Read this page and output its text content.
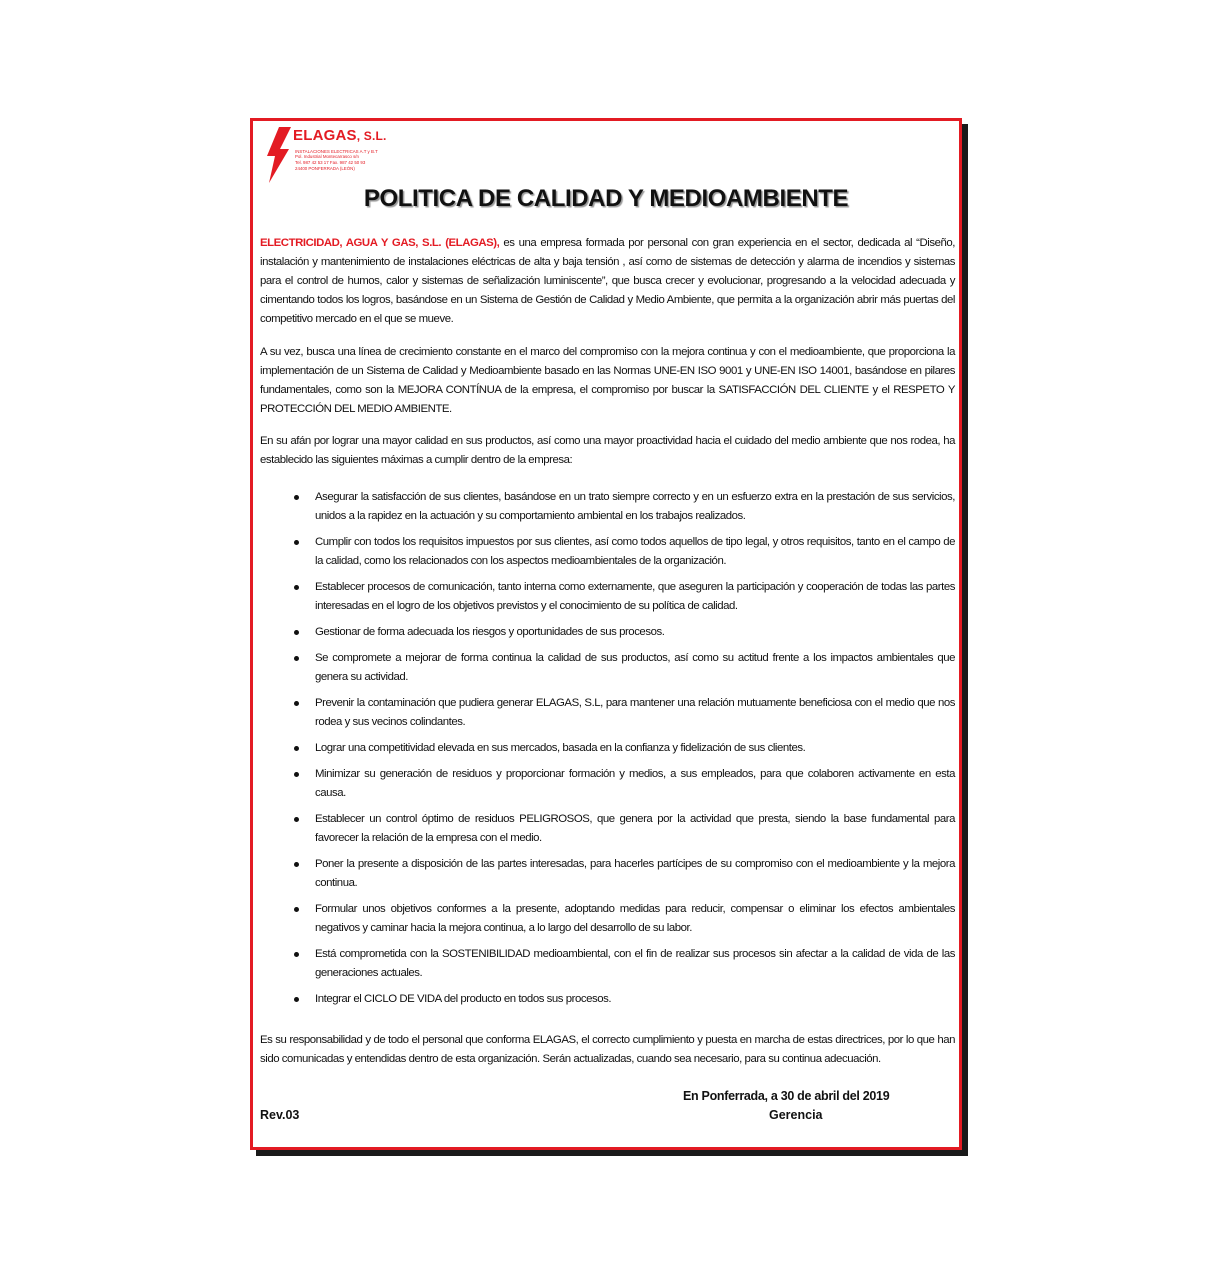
ELAGAS, S.L.
INSTALACIONES ELECTRICAS A.T y B.T
Pol. Industrial Montecarrasco s/n
Tel. 987 42 53 17 Fax. 987 42 50 93
24400 PONFERRADA (LEÓN)
POLITICA DE CALIDAD Y MEDIOAMBIENTE
ELECTRICIDAD, AGUA Y GAS, S.L. (ELAGAS), es una empresa formada por personal con gran experiencia en el sector, dedicada al “Diseño, instalación y mantenimiento de instalaciones eléctricas de alta y baja tensión , así como de sistemas de detección y alarma de incendios y sistemas para el control de humos, calor y sistemas de señalización luminiscente”, que busca crecer y evolucionar, progresando a la velocidad adecuada y cimentando todos los logros, basándose en un Sistema de Gestión de Calidad y Medio Ambiente, que permita a la organización abrir más puertas del competitivo mercado en el que se mueve.
A su vez, busca una línea de crecimiento constante en el marco del compromiso con la mejora continua y con el medioambiente, que proporciona la implementación de un Sistema de Calidad y Medioambiente basado en las Normas UNE-EN ISO 9001 y UNE-EN ISO 14001, basándose en pilares fundamentales, como son la MEJORA CONTÍNUA de la empresa, el compromiso por buscar la SATISFACCIÓN DEL CLIENTE y el RESPETO Y PROTECCIÓN DEL MEDIO AMBIENTE.
En su afán por lograr una mayor calidad en sus productos, así como una mayor proactividad hacia el cuidado del medio ambiente que nos rodea, ha establecido las siguientes máximas a cumplir dentro de la empresa:
Asegurar la satisfacción de sus clientes, basándose en un trato siempre correcto y en un esfuerzo extra en la prestación de sus servicios, unidos a la rapidez en la actuación y su comportamiento ambiental en los trabajos realizados.
Cumplir con todos los requisitos impuestos por sus clientes, así como todos aquellos de tipo legal, y otros requisitos, tanto en el campo de la calidad, como los relacionados con los aspectos medioambientales de la organización.
Establecer procesos de comunicación, tanto interna como externamente, que aseguren la participación y cooperación de todas las partes interesadas en el logro de los objetivos previstos y el conocimiento de su política de calidad.
Gestionar de forma adecuada los riesgos y oportunidades de sus procesos.
Se compromete a mejorar de forma continua la calidad de sus productos, así como su actitud frente a los impactos ambientales que genera su actividad.
Prevenir la contaminación que pudiera generar ELAGAS, S.L, para mantener una relación mutuamente beneficiosa con el medio que nos rodea y sus vecinos colindantes.
Lograr una competitividad elevada en sus mercados, basada en la confianza y fidelización de sus clientes.
Minimizar su generación de residuos y proporcionar formación y medios, a sus empleados, para que colaboren activamente en esta causa.
Establecer un control óptimo de residuos PELIGROSOS, que genera por la actividad que presta, siendo la base fundamental para favorecer la relación de la empresa con el medio.
Poner la presente a disposición de las partes interesadas, para hacerles partícipes de su compromiso con el medioambiente y la mejora continua.
Formular unos objetivos conformes a la presente, adoptando medidas para reducir, compensar o eliminar los efectos ambientales negativos y caminar hacia la mejora continua, a lo largo del desarrollo de su labor.
Está comprometida con la SOSTENIBILIDAD medioambiental, con el fin de realizar sus procesos sin afectar a la calidad de vida de las generaciones actuales.
Integrar el CICLO DE VIDA del producto en todos sus procesos.
Es su responsabilidad y de todo el personal que conforma ELAGAS, el correcto cumplimiento y puesta en marcha de estas directrices, por lo que han sido comunicadas y entendidas dentro de esta organización. Serán actualizadas, cuando sea necesario, para su continua adecuación.
En Ponferrada, a 30 de abril del 2019
Gerencia
Rev.03
